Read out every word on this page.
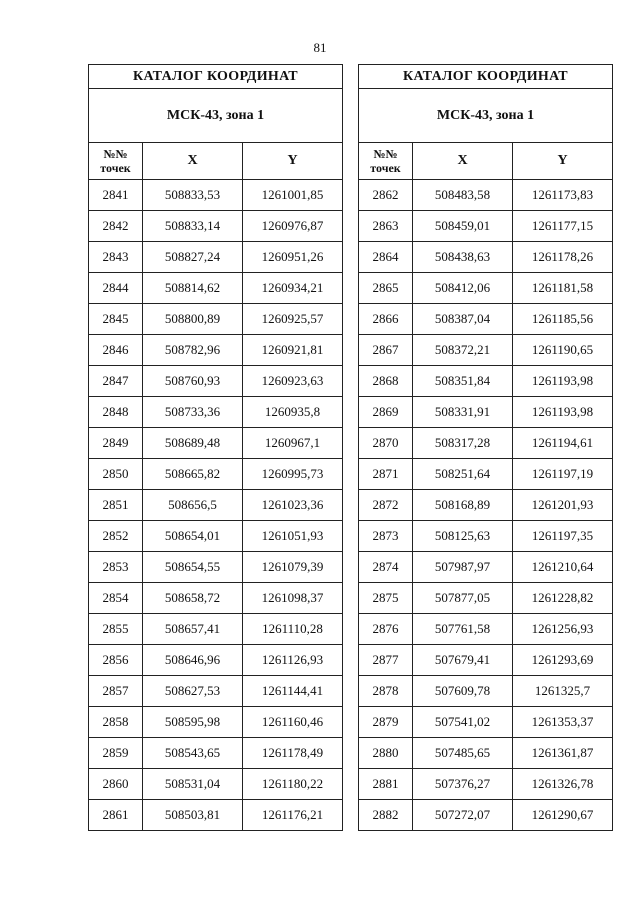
81
КАТАЛОГ КООРДИНАТ		
МСК-43, зона 1		
№№
точек	X	Y
2841	508833,53	1261001,85
2842	508833,14	1260976,87
2843	508827,24	1260951,26
2844	508814,62	1260934,21
2845	508800,89	1260925,57
2846	508782,96	1260921,81
2847	508760,93	1260923,63
2848	508733,36	1260935,8
2849	508689,48	1260967,1
2850	508665,82	1260995,73
2851	508656,5	1261023,36
2852	508654,01	1261051,93
2853	508654,55	1261079,39
2854	508658,72	1261098,37
2855	508657,41	1261110,28
2856	508646,96	1261126,93
2857	508627,53	1261144,41
2858	508595,98	1261160,46
2859	508543,65	1261178,49
2860	508531,04	1261180,22
2861	508503,81	1261176,21
КАТАЛОГ КООРДИНАТ		
МСК-43, зона 1		
№№
точек	X	Y
2862	508483,58	1261173,83
2863	508459,01	1261177,15
2864	508438,63	1261178,26
2865	508412,06	1261181,58
2866	508387,04	1261185,56
2867	508372,21	1261190,65
2868	508351,84	1261193,98
2869	508331,91	1261193,98
2870	508317,28	1261194,61
2871	508251,64	1261197,19
2872	508168,89	1261201,93
2873	508125,63	1261197,35
2874	507987,97	1261210,64
2875	507877,05	1261228,82
2876	507761,58	1261256,93
2877	507679,41	1261293,69
2878	507609,78	1261325,7
2879	507541,02	1261353,37
2880	507485,65	1261361,87
2881	507376,27	1261326,78
2882	507272,07	1261290,67
